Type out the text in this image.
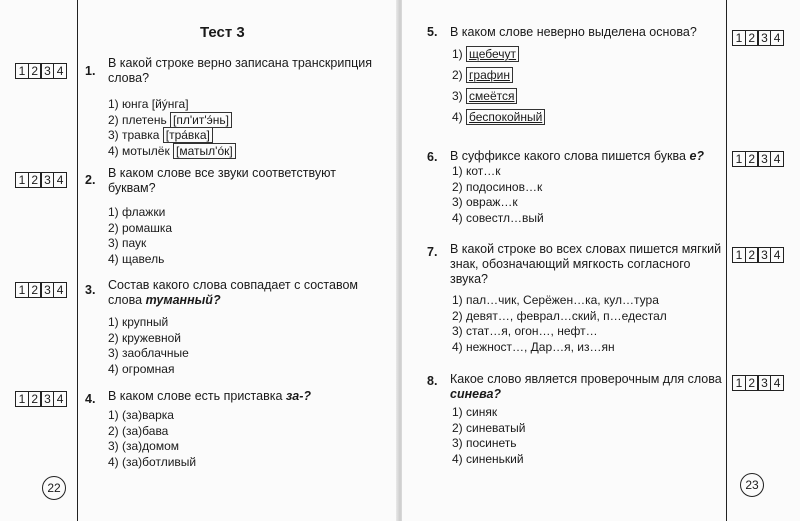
Тест 3
1 2 3 4 1.
В какой строке верно записана транскрипция слова?
1) юнга [йýнга]
2) плетень [пл'ит'э́нь]
3) травка [тра́вка]
4) мотылёк [матыл'óк]
1 2 3 4 2. В каком слове все звуки соответствуют буквам?
1) флажки
2) ромашка
3) паук
4) щавель
1 2 3 4 3. Состав какого слова совпадает с составом слова туманный?
1) крупный
2) кружевной
3) заоблачные
4) огромная
1 2 3 4 4. В каком слове есть приставка за-?
1) (за)варка
2) (за)бава
3) (за)домом
4) (за)ботливый
22
5. В каком слове неверно выделена основа?	1 2 3 4
1) щебечут
2) графин
3) смеётся
4) беспокойный
6. В суффиксе какого слова пишется буква е?	1 2 3 4
1) кот…к
2) подосинов…к
3) овраж…к
4) совестл…вый
7. В какой строке во всех словах пишется мягкий знак, обозначающий мягкость согласного звука?
1 2 3 4
1) пал…чик, Серёжен…ка, кул…тура
2) девят…, феврал…ский, п…едестал
3) стат…я, огон…, нефт…
4) нежност…, Дар…я, из…ян
8. Какое слово является проверочным для слова синева?
1 2 3 4
1) синяк
2) синеватый
3) посинеть
4) синенький
23
